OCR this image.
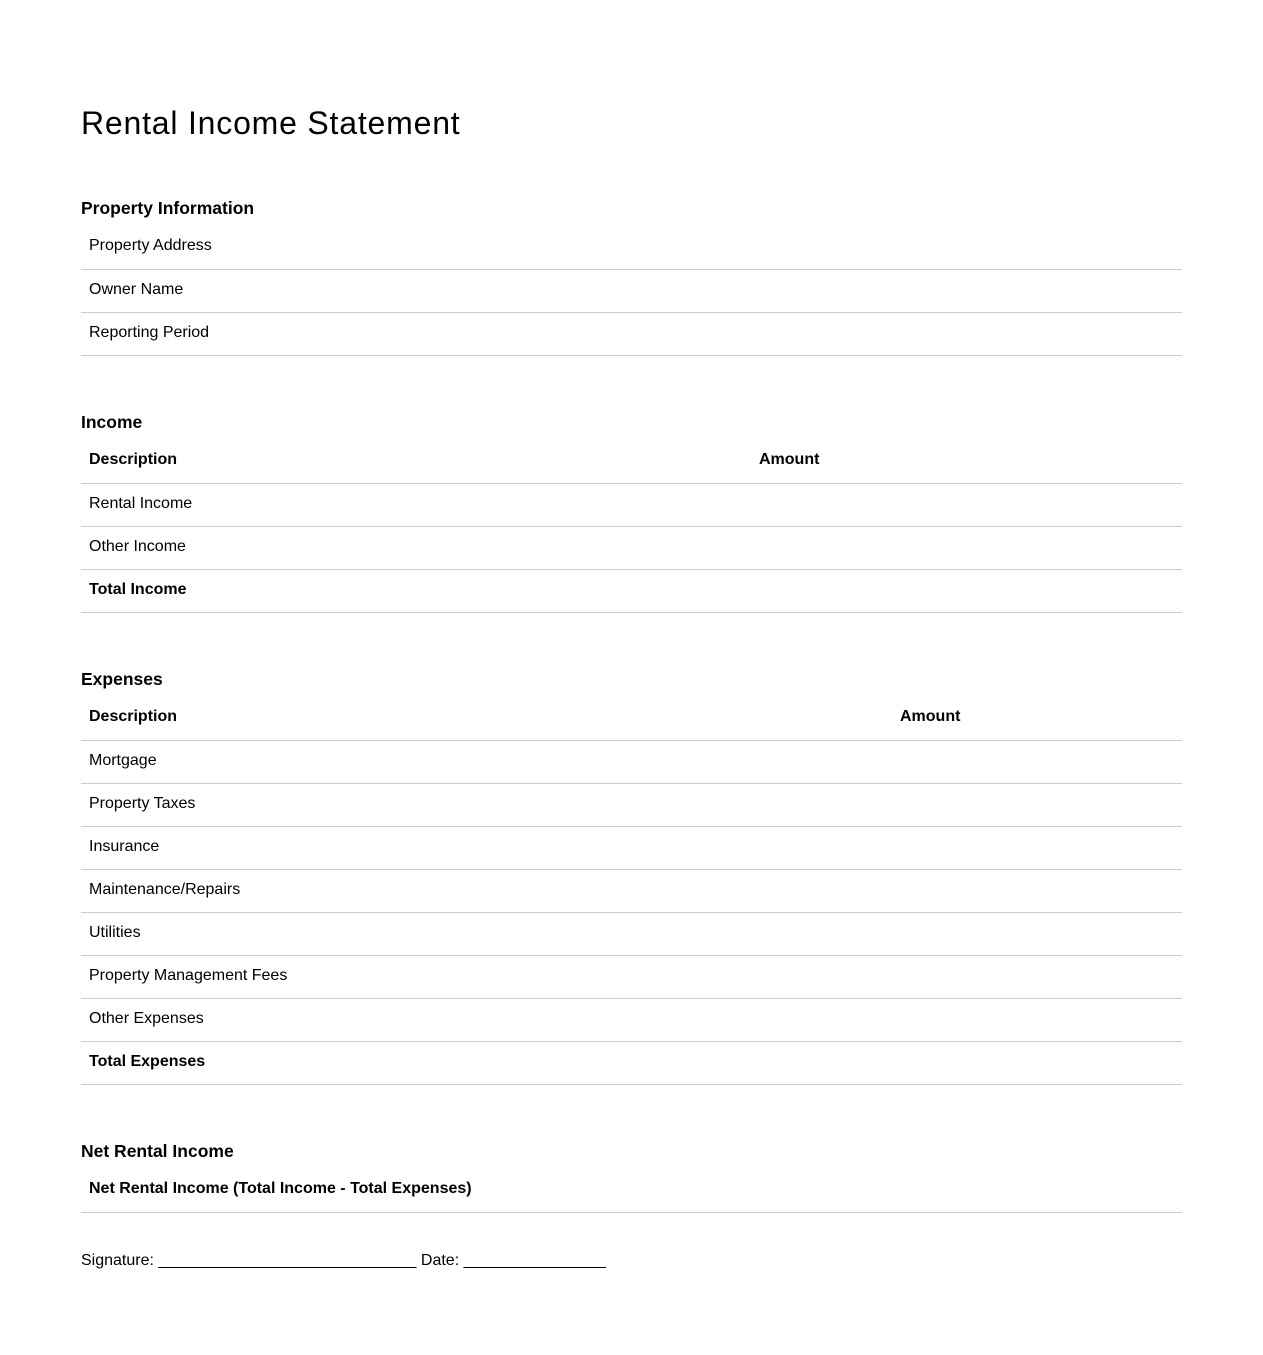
Rental Income Statement
Property Information
Property Address	
Owner Name	
Reporting Period	
Income
Description	Amount
Rental Income	
Other Income	
Total Income	
Expenses
Description	Amount
Mortgage	
Property Taxes	
Insurance	
Maintenance/Repairs	
Utilities	
Property Management Fees	
Other Expenses	
Total Expenses	
Net Rental Income
Net Rental Income (Total Income - Total Expenses)	
Signature: _____________________________ Date: ________________
